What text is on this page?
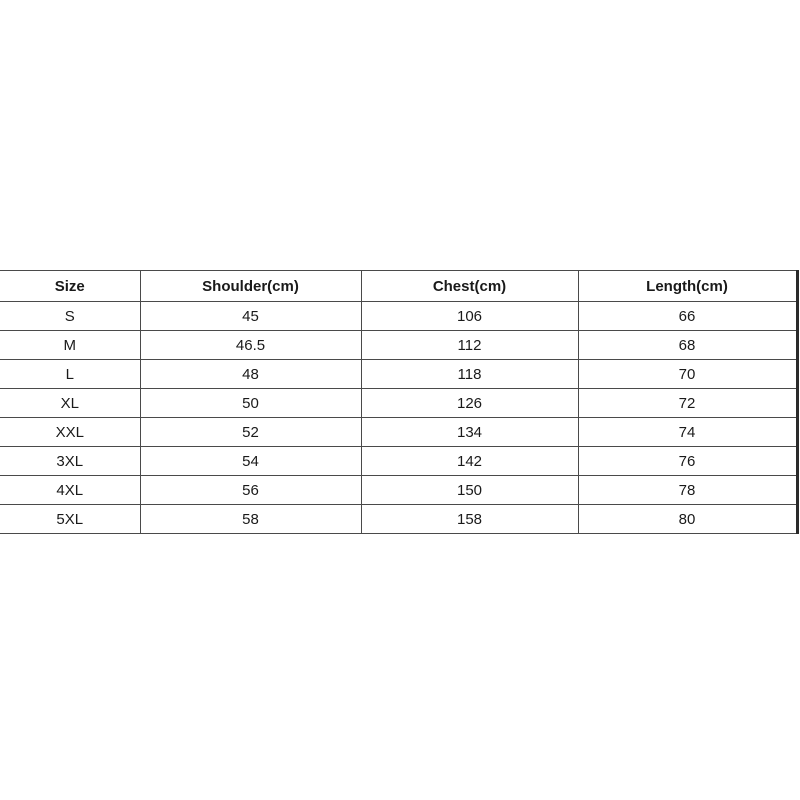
Size	Shoulder(cm)	Chest(cm)	Length(cm)
S	45	106	66
M	46.5	112	68
L	48	118	70
XL	50	126	72
XXL	52	134	74
3XL	54	142	76
4XL	56	150	78
5XL	58	158	80
